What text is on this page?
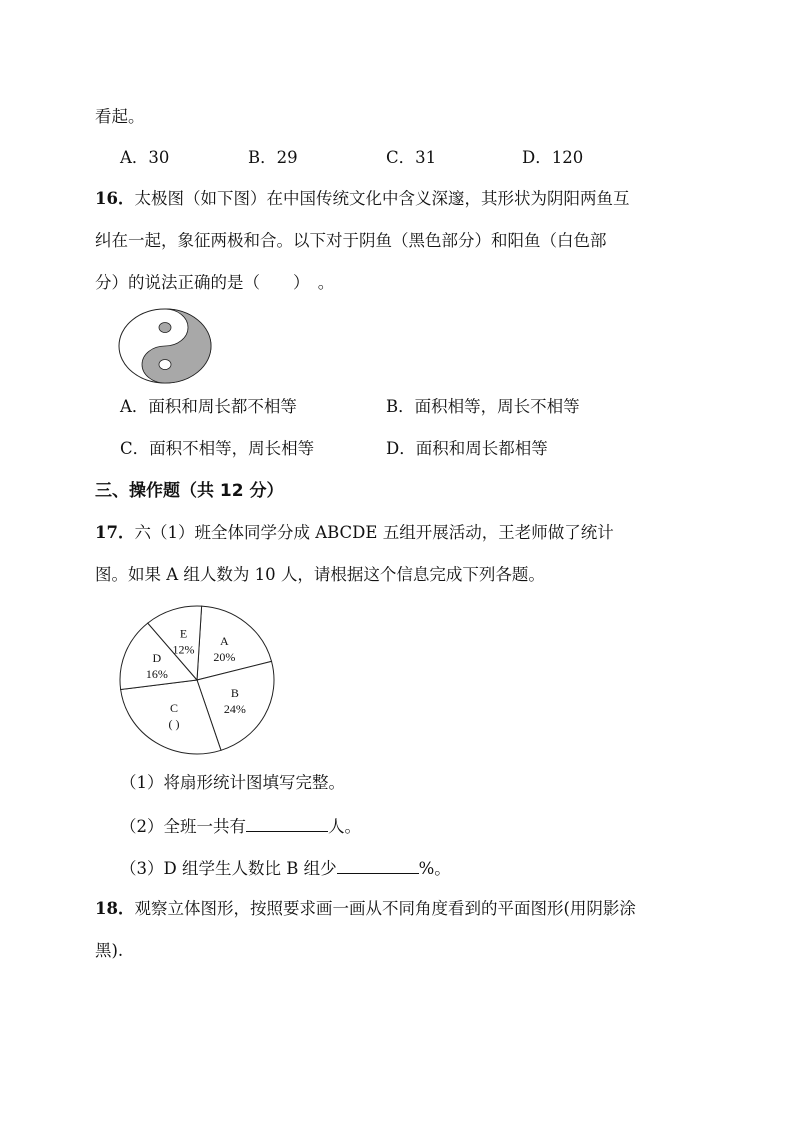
看起。
A．30	B．29	C．31	D．120
16．太极图（如下图）在中国传统文化中含义深邃，其形状为阴阳两鱼互
纠在一起，象征两极和合。以下对于阴鱼（黑色部分）和阳鱼（白色部
分）的说法正确的是（　　）　。
A．面积和周长都不相等	B．面积相等，周长不相等
C．面积不相等，周长相等	D．面积和周长都相等
三、操作题（共 12 分）
17．六（1）班全体同学分成 ABCDE 五组开展活动，王老师做了统计
图。如果 A 组人数为 10 人，请根据这个信息完成下列各题。
A
20%
B
24%
C
( )
D
16%
E
12%
（1）将扇形统计图填写完整。
（2）全班一共有	人。
（3）D 组学生人数比 B 组少	%。
18．观察立体图形，按照要求画一画从不同角度看到的平面图形(用阴影涂
黑).
